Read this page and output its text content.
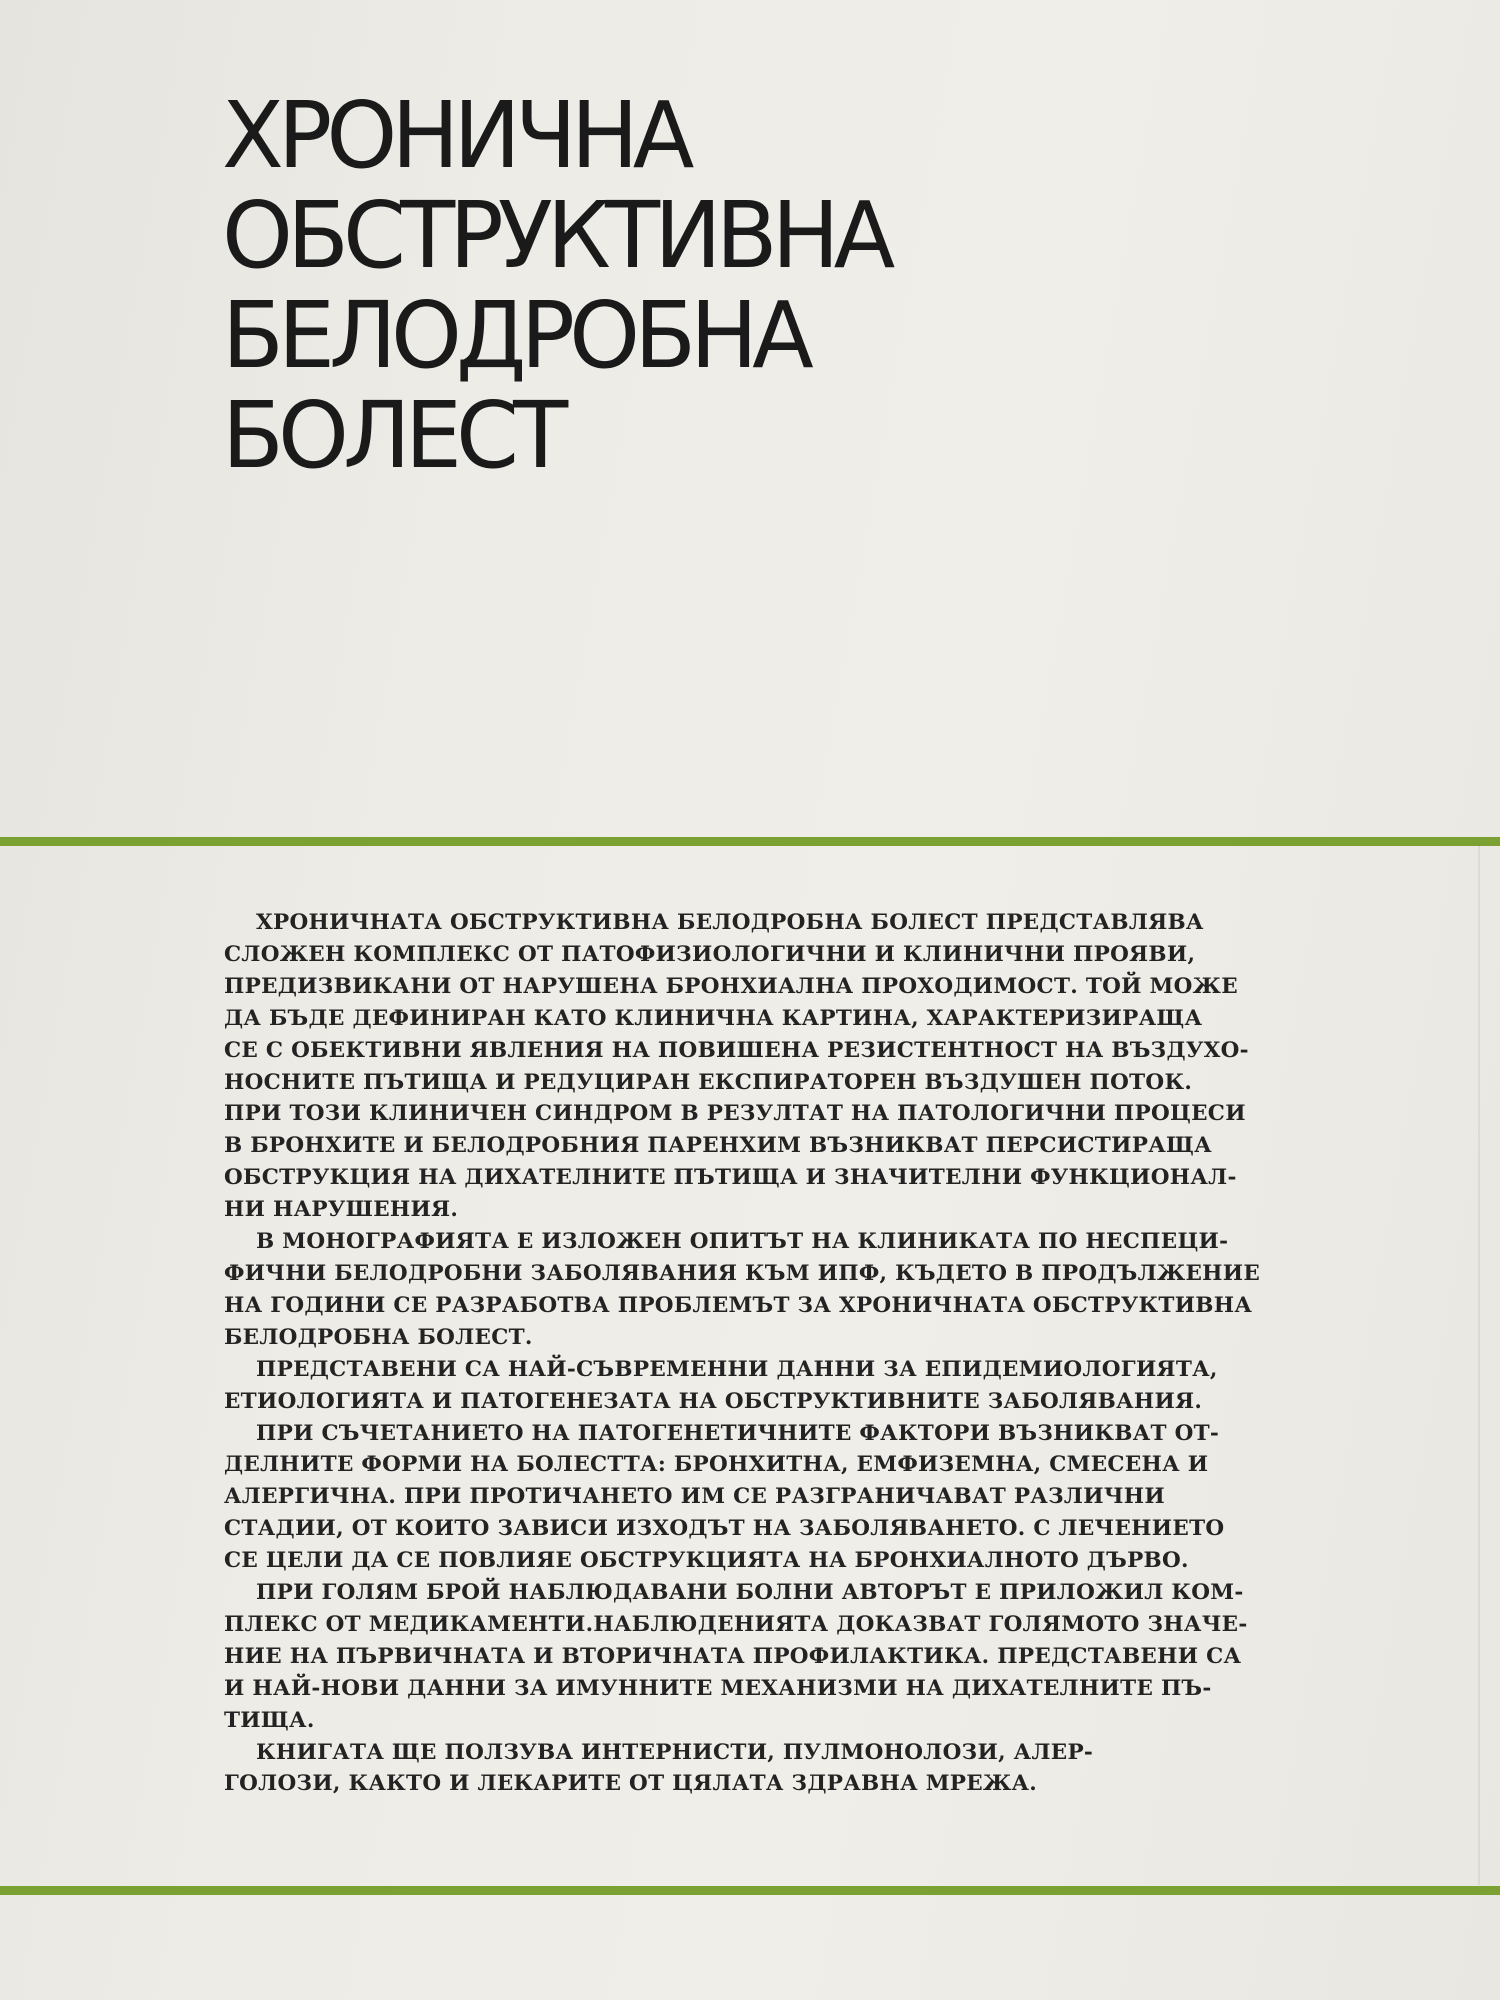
ХРОНИЧНА
ОБСТРУКТИВНА
БЕЛОДРОБНА
БОЛЕСТ
ХРОНИЧНАТА ОБСТРУКТИВНА БЕЛОДРОБНА БОЛЕСТ ПРЕДСТАВЛЯВА
СЛОЖЕН КОМПЛЕКС ОТ ПАТОФИЗИОЛОГИЧНИ И КЛИНИЧНИ ПРОЯВИ,
ПРЕДИЗВИКАНИ ОТ НАРУШЕНА БРОНХИАЛНА ПРОХОДИМОСТ. ТОЙ МОЖЕ
ДА БЪДЕ ДЕФИНИРАН КАТО КЛИНИЧНА КАРТИНА, ХАРАКТЕРИЗИРАЩА
СЕ С ОБЕКТИВНИ ЯВЛЕНИЯ НА ПОВИШЕНА РЕЗИСТЕНТНОСТ НА ВЪЗДУХО-
НОСНИТЕ ПЪТИЩА И РЕДУЦИРАН ЕКСПИРАТОРЕН ВЪЗДУШЕН ПОТОК.
ПРИ ТОЗИ КЛИНИЧЕН СИНДРОМ В РЕЗУЛТАТ НА ПАТОЛОГИЧНИ ПРОЦЕСИ
В БРОНХИТЕ И БЕЛОДРОБНИЯ ПАРЕНХИМ ВЪЗНИКВАТ ПЕРСИСТИРАЩА
ОБСТРУКЦИЯ НА ДИХАТЕЛНИТЕ ПЪТИЩА И ЗНАЧИТЕЛНИ ФУНКЦИОНАЛ-
НИ НАРУШЕНИЯ.
В МОНОГРАФИЯТА Е ИЗЛОЖЕН ОПИТЪТ НА КЛИНИКАТА ПО НЕСПЕЦИ-
ФИЧНИ БЕЛОДРОБНИ ЗАБОЛЯВАНИЯ КЪМ ИПФ, КЪДЕТО В ПРОДЪЛЖЕНИЕ
НА ГОДИНИ СЕ РАЗРАБОТВА ПРОБЛЕМЪТ ЗА ХРОНИЧНАТА ОБСТРУКТИВНА
БЕЛОДРОБНА БОЛЕСТ.
ПРЕДСТАВЕНИ СА НАЙ-СЪВРЕМЕННИ ДАННИ ЗА ЕПИДЕМИОЛОГИЯТА,
ЕТИОЛОГИЯТА И ПАТОГЕНЕЗАТА НА ОБСТРУКТИВНИТЕ ЗАБОЛЯВАНИЯ.
ПРИ СЪЧЕТАНИЕТО НА ПАТОГЕНЕТИЧНИТЕ ФАКТОРИ ВЪЗНИКВАТ ОТ-
ДЕЛНИТЕ ФОРМИ НА БОЛЕСТТА: БРОНХИТНА, ЕМФИЗЕМНА, СМЕСЕНА И
АЛЕРГИЧНА. ПРИ ПРОТИЧАНЕТО ИМ СЕ РАЗГРАНИЧАВАТ РАЗЛИЧНИ
СТАДИИ, ОТ КОИТО ЗАВИСИ ИЗХОДЪТ НА ЗАБОЛЯВАНЕТО. С ЛЕЧЕНИЕТО
СЕ ЦЕЛИ ДА СЕ ПОВЛИЯЕ ОБСТРУКЦИЯТА НА БРОНХИАЛНОТО ДЪРВО.
ПРИ ГОЛЯМ БРОЙ НАБЛЮДАВАНИ БОЛНИ АВТОРЪТ Е ПРИЛОЖИЛ КОМ-
ПЛЕКС ОТ МЕДИКАМЕНТИ.НАБЛЮДЕНИЯТА ДОКАЗВАТ ГОЛЯМОТО ЗНАЧЕ-
НИЕ НА ПЪРВИЧНАТА И ВТОРИЧНАТА ПРОФИЛАКТИКА. ПРЕДСТАВЕНИ СА
И НАЙ-НОВИ ДАННИ ЗА ИМУННИТЕ МЕХАНИЗМИ НА ДИХАТЕЛНИТЕ ПЪ-
ТИЩА.
КНИГАТА ЩЕ ПОЛЗУВА ИНТЕРНИСТИ, ПУЛМОНОЛОЗИ, АЛЕР-
ГОЛОЗИ, КАКТО И ЛЕКАРИТЕ ОТ ЦЯЛАТА ЗДРАВНА МРЕЖА.
